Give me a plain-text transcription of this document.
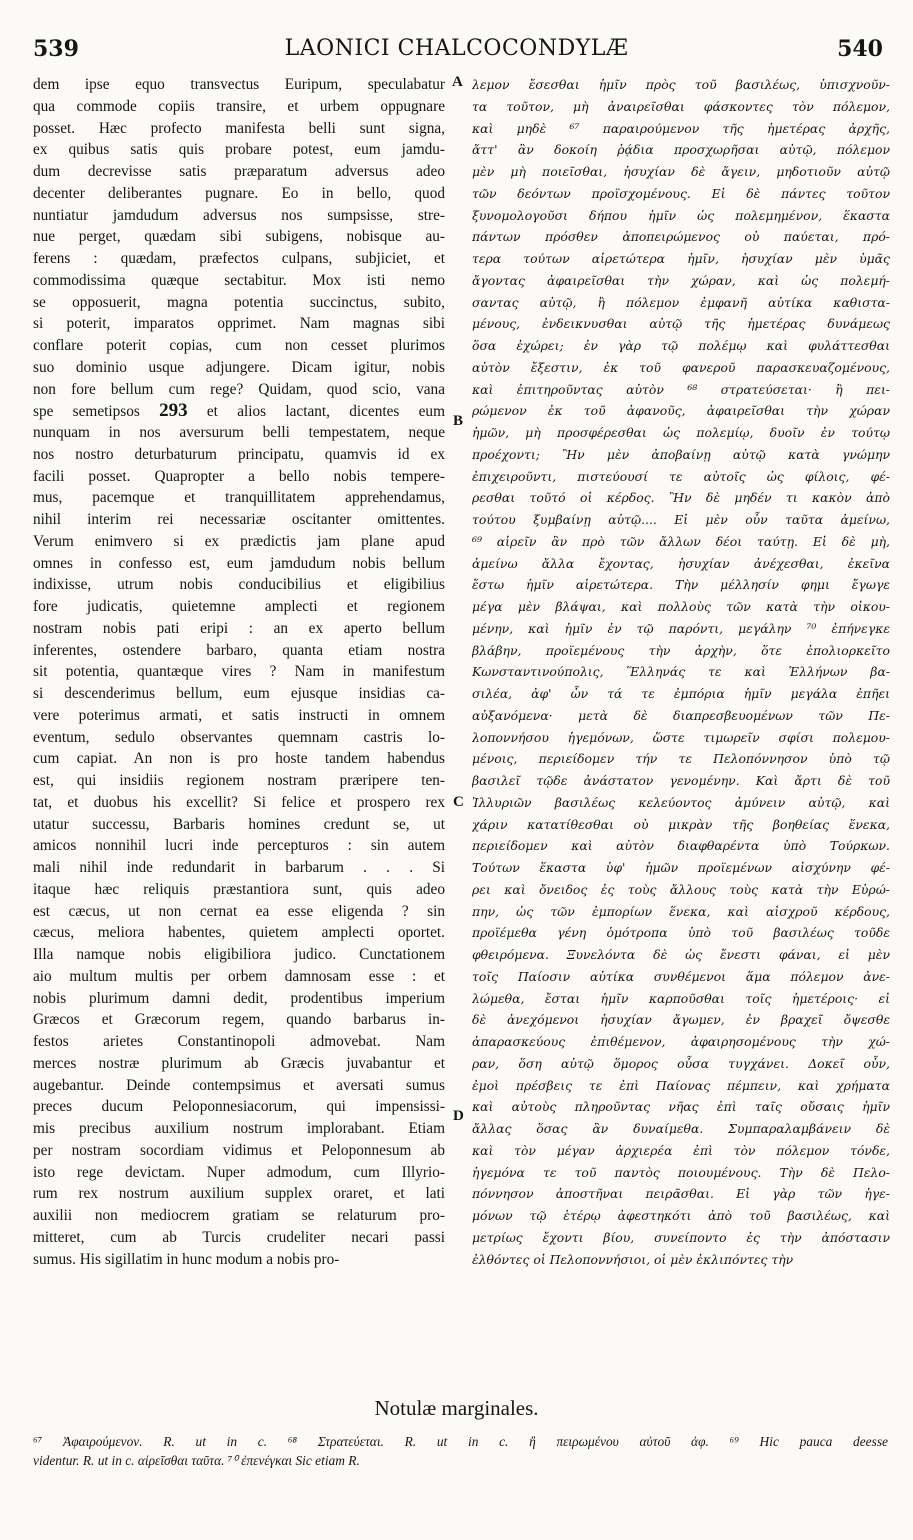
539	LAONICI CHALCOCONDYLÆ	540
dem ipse equo transvectus Euripum, speculabatur
qua commode copiis transire, et urbem oppugnare
posset. Hæc profecto manifesta belli sunt signa,
ex quibus satis quis probare potest, eum jamdu-
dum decrevisse satis præparatum adversus adeo
decenter deliberantes pugnare. Eo in bello, quod
nuntiatur jamdudum adversus nos sumpsisse, stre-
nue perget, quædam sibi subigens, nobisque au-
ferens : quædam, præfectos culpans, subjiciet, et
commodissima quæque sectabitur. Mox isti nemo
se opposuerit, magna potentia succinctus, subito,
si poterit, imparatos opprimet. Nam magnas sibi
conflare poterit copias, cum non cesset plurimos
suo dominio usque adjungere. Dicam igitur, nobis
non fore bellum cum rege? Quidam, quod scio, vana
spe semetipsos 293 et alios lactant, dicentes eum
nunquam in nos aversurum belli tempestatem, neque
nos nostro deturbaturum principatu, quamvis id ex
facili posset. Quapropter a bello nobis tempere-
mus, pacemque et tranquillitatem apprehendamus,
nihil interim rei necessariæ oscitanter omittentes.
Verum enimvero si ex prædictis jam plane apud
omnes in confesso est, eum jamdudum nobis bellum
indixisse, utrum nobis conducibilius et eligibilius
fore judicatis, quietemne amplecti et regionem
nostram nobis pati eripi : an ex aperto bellum
inferentes, ostendere barbaro, quanta etiam nostra
sit potentia, quantæque vires ? Nam in manifestum
si descenderimus bellum, eum ejusque insidias ca-
vere poterimus armati, et satis instructi in omnem
eventum, sedulo observantes quemnam castris lo-
cum capiat. An non is pro hoste tandem habendus
est, qui insidiis regionem nostram præripere ten-
tat, et duobus his excellit? Si felice et prospero rex
utatur successu, Barbaris homines credunt se, ut
amicos nonnihil lucri inde percepturos : sin autem
mali nihil inde redundarit in barbarum . . . Si
itaque hæc reliquis præstantiora sunt, quis adeo
est cæcus, ut non cernat ea esse eligenda ? sin
cæcus, meliora habentes, quietem amplecti oportet.
Illa namque nobis eligibiliora judico. Cunctationem
aio multum multis per orbem damnosam esse : et
nobis plurimum damni dedit, prodentibus imperium
Græcos et Græcorum regem, quando barbarus in-
festos arietes Constantinopoli admovebat. Nam
merces nostræ plurimum ab Græcis juvabantur et
augebantur. Deinde contempsimus et aversati sumus
preces ducum Peloponnesiacorum, qui impensissi-
mis precibus auxilium nostrum implorabant. Etiam
per nostram socordiam vidimus et Peloponnesum ab
isto rege devictam. Nuper admodum, cum Illyrio-
rum rex nostrum auxilium supplex oraret, et lati
auxilii non mediocrem gratiam se relaturum pro-
mitteret, cum ab Turcis crudeliter necari passi
sumus. His sigillatim in hunc modum a nobis pro-
λεμον ἔσεσθαι ἡμῖν πρὸς τοῦ βασιλέως, ὑπισχνοῦν-
τα τοῦτον, μὴ ἀναιρεῖσθαι φάσκοντες τὸν πόλεμον,
καὶ μηδὲ ⁶⁷ παραιρούμενον τῆς ἡμετέρας ἀρχῆς,
ἄττ' ἂν δοκοίη ῥᾴδια προσχωρῆσαι αὐτῷ, πόλεμον
μὲν μὴ ποιεῖσθαι, ἡσυχίαν δὲ ἄγειν, μηδοτιοῦν αὐτῷ
τῶν δεόντων προϊσχομένους. Εἰ δὲ πάντες τοῦτον
ξυνομολογοῦσι δήπου ἡμῖν ὡς πολεμημένον, ἕκαστα
πάντων πρόσθεν ἀποπειρώμενος οὐ παύεται, πρό-
τερα τούτων αἱρετώτερα ἡμῖν, ἡσυχίαν μὲν ὑμᾶς
ἄγοντας ἀφαιρεῖσθαι τὴν χώραν, καὶ ὡς πολεμή-
σαντας αὐτῷ, ἢ πόλεμον ἐμφανῆ αὐτίκα καθιστα-
μένους, ἐνδεικνυσθαι αὐτῷ τῆς ἡμετέρας δυνάμεως
ὅσα ἐχώρει; ἐν γὰρ τῷ πολέμῳ καὶ φυλάττεσθαι
αὐτὸν ἔξεστιν, ἐκ τοῦ φανεροῦ παρασκευαζομένους,
καὶ ἐπιτηροῦντας αὐτὸν ⁶⁸ στρατεύσεται· ἢ πει-
ρώμενον ἐκ τοῦ ἀφανοῦς, ἀφαιρεῖσθαι τὴν χώραν
ἡμῶν, μὴ προσφέρεσθαι ὡς πολεμίῳ, δυοῖν ἐν τούτῳ
προέχοντι; Ἢν μὲν ἀποβαίνῃ αὐτῷ κατὰ γνώμην
ἐπιχειροῦντι, πιστεύουσί τε αὐτοῖς ὡς φίλοις, φέ-
ρεσθαι τοῦτό οἱ κέρδος. Ἢν δὲ μηδέν τι κακὸν ἀπὸ
τούτου ξυμβαίνῃ αὐτῷ.... Εἰ μὲν οὖν ταῦτα ἀμείνω,
⁶⁹ αἱρεῖν ἂν πρὸ τῶν ἄλλων δέοι ταύτῃ. Εἰ δὲ μὴ,
ἀμείνω ἄλλα ἔχοντας, ἡσυχίαν ἀνέχεσθαι, ἐκεῖνα
ἔστω ἡμῖν αἱρετώτερα. Τὴν μέλλησίν φημι ἔγωγε
μέγα μὲν βλάψαι, καὶ πολλοὺς τῶν κατὰ τὴν οἰκου-
μένην, καὶ ἡμῖν ἐν τῷ παρόντι, μεγάλην ⁷⁰ ἐπήνεγκε
βλάβην, προϊεμένους τὴν ἀρχὴν, ὅτε ἐπολιορκεῖτο
Κωνσταντινούπολις, Ἕλληνάς τε καὶ Ἑλλήνων βα-
σιλέα, ἀφ' ὧν τά τε ἐμπόρια ἡμῖν μεγάλα ἐπῆει
αὐξανόμενα· μετὰ δὲ διαπρεσβευομένων τῶν Πε-
λοποννήσου ἡγεμόνων, ὥστε τιμωρεῖν σφίσι πολεμου-
μένοις, περιείδομεν τήν τε Πελοπόννησον ὑπὸ τῷ
βασιλεῖ τῷδε ἀνάστατον γενομένην. Καὶ ἄρτι δὲ τοῦ
Ἰλλυριῶν βασιλέως κελεύοντος ἀμύνειν αὐτῷ, καὶ
χάριν κατατίθεσθαι οὐ μικρὰν τῆς βοηθείας ἕνεκα,
περιείδομεν καὶ αὐτὸν διαφθαρέντα ὑπὸ Τούρκων.
Τούτων ἕκαστα ὑφ' ἡμῶν προϊεμένων αἰσχύνην φέ-
ρει καὶ ὄνειδος ἐς τοὺς ἄλλους τοὺς κατὰ τὴν Εὐρώ-
πην, ὡς τῶν ἐμπορίων ἕνεκα, καὶ αἰσχροῦ κέρδους,
προϊέμεθα γένη ὁμότροπα ὑπὸ τοῦ βασιλέως τοῦδε
φθειρόμενα. Ξυνελόντα δὲ ὡς ἔνεστι φάναι, εἰ μὲν
τοῖς Παίοσιν αὐτίκα συνθέμενοι ἅμα πόλεμον ἀνε-
λώμεθα, ἔσται ἡμῖν καρποῦσθαι τοῖς ἡμετέροις· εἰ
δὲ ἀνεχόμενοι ἡσυχίαν ἄγωμεν, ἐν βραχεῖ ὄψεσθε
ἀπαρασκεύους ἐπιθέμενον, ἀφαιρησομένους τὴν χώ-
ραν, ὅση αὐτῷ ὅμορος οὖσα τυγχάνει. Δοκεῖ οὖν,
ἐμοὶ πρέσβεις τε ἐπὶ Παίονας πέμπειν, καὶ χρήματα
καὶ αὐτοὺς πληροῦντας νῆας ἐπὶ ταῖς οὔσαις ἡμῖν
ἄλλας ὅσας ἂν δυναίμεθα. Συμπαραλαμβάνειν δὲ
καὶ τὸν μέγαν ἀρχιερέα ἐπὶ τὸν πόλεμον τόνδε,
ἡγεμόνα τε τοῦ παντὸς ποιουμένους. Τὴν δὲ Πελο-
πόννησον ἀποστῆναι πειρᾶσθαι. Εἰ γὰρ τῶν ἡγε-
μόνων τῷ ἑτέρῳ ἀφεστηκότι ἀπὸ τοῦ βασιλέως, καὶ
μετρίως ἔχοντι βίου, συνείποντο ἐς τὴν ἀπόστασιν
ἐλθόντες οἱ Πελοποννήσιοι, οἱ μὲν ἐκλιπόντες τὴν
A
B
C
D
Notulæ marginales.
⁶⁷ Ἀφαιρούμενον. R. ut in c. ⁶⁸ Στρατεύεται. R. ut in c. ἢ πειρωμένου αὐτοῦ ἀφ. ⁶⁹ Hic pauca deesse
videntur. R. ut in c. αἱρεῖσθαι ταῦτα. ⁷⁰ ἐπενέγκαι Sic etiam R.
